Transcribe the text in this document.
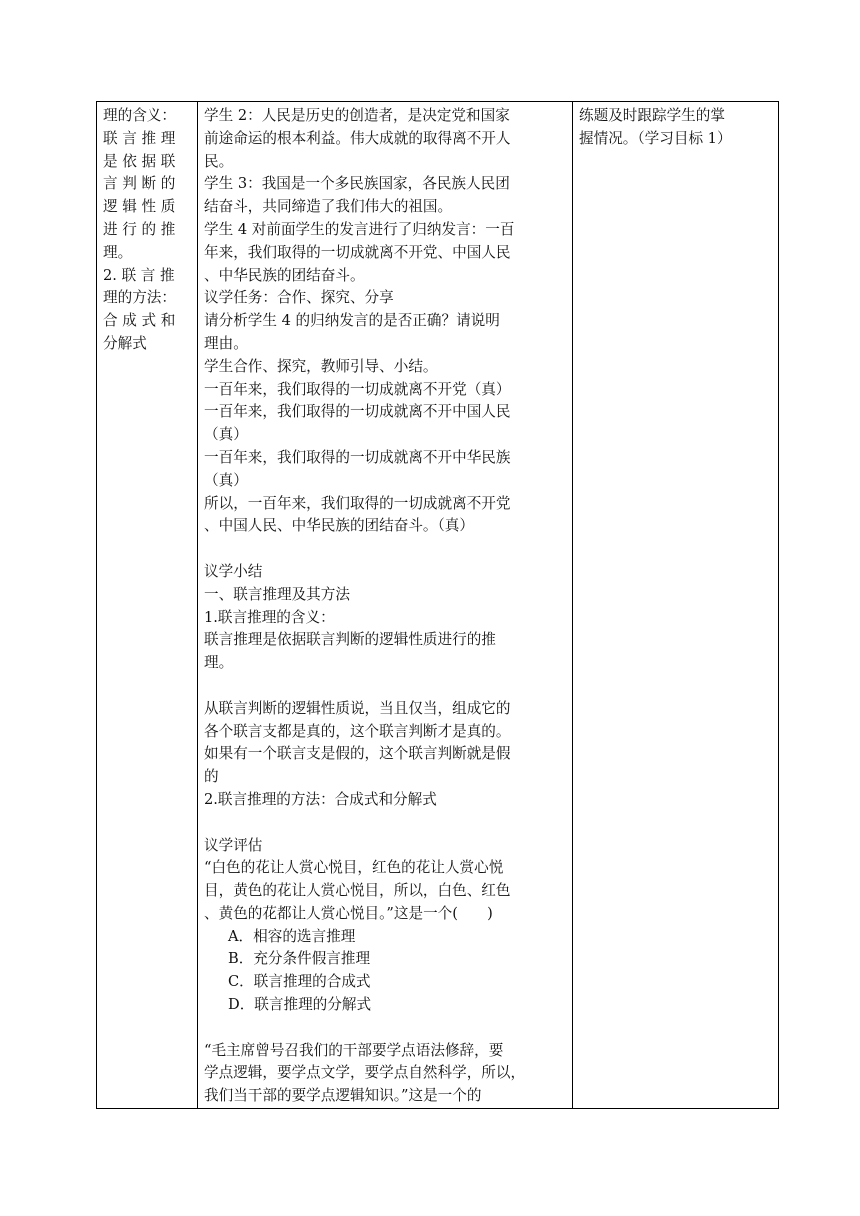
理的含义：
联 言 推 理
是 依 据 联
言 判 断 的
逻 辑 性 质
进 行 的 推
理。
2. 联 言 推
理的方法：
合 成 式 和
分解式

学生 2：人民是历史的创造者，是决定党和国家
前途命运的根本利益。伟大成就的取得离不开人
民。
学生 3：我国是一个多民族国家，各民族人民团
结奋斗，共同缔造了我们伟大的祖国。
学生 4 对前面学生的发言进行了归纳发言：一百
年来，我们取得的一切成就离不开党、中国人民
、中华民族的团结奋斗。
议学任务：合作、探究、分享
请分析学生 4 的归纳发言的是否正确？请说明
理由。
学生合作、探究，教师引导、小结。
一百年来，我们取得的一切成就离不开党（真）
一百年来，我们取得的一切成就离不开中国人民
（真）
一百年来，我们取得的一切成就离不开中华民族
（真）
所以，一百年来，我们取得的一切成就离不开党
、中国人民、中华民族的团结奋斗。（真）
议学小结
一、联言推理及其方法
1.联言推理的含义：
联言推理是依据联言判断的逻辑性质进行的推
理。
从联言判断的逻辑性质说，当且仅当，组成它的
各个联言支都是真的，这个联言判断才是真的。
如果有一个联言支是假的，这个联言判断就是假
的
2.联言推理的方法：合成式和分解式
议学评估
“白色的花让人赏心悦目，红色的花让人赏心悦
目，黄色的花让人赏心悦目，所以，白色、红色
、黄色的花都让人赏心悦目。”这是一个(　　)
A．相容的选言推理
B．充分条件假言推理
C．联言推理的合成式
D．联言推理的分解式
“毛主席曾号召我们的干部要学点语法修辞，要
学点逻辑，要学点文学，要学点自然科学，所以，
我们当干部的要学点逻辑知识。”这是一个的

练题及时跟踪学生的掌
握情况。（学习目标 1）
